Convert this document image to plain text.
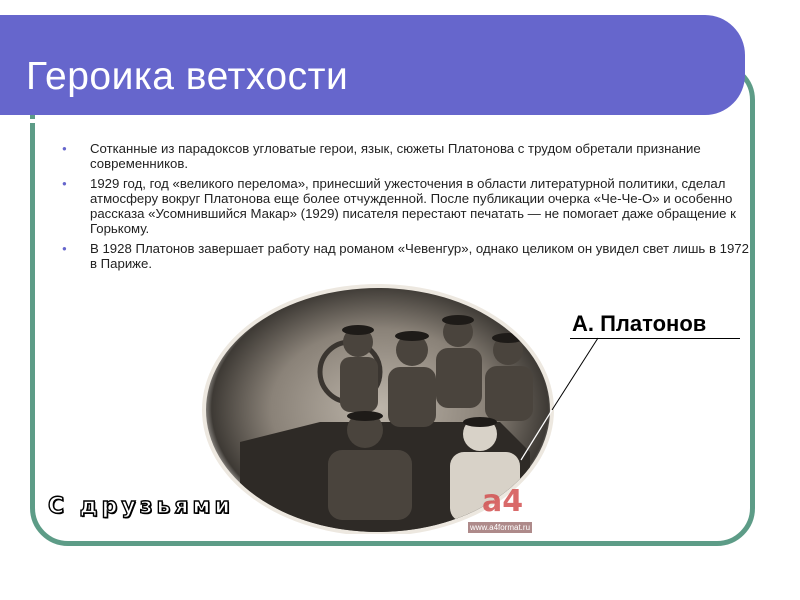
Героика ветхости
● Сотканные из парадоксов угловатые герои, язык, сюжеты Платонова с трудом обретали признание современников.
● 1929 год, год «великого перелома», принесший ужесточения в области литературной политики, сделал атмосферу вокруг Платонова еще более отчужденной. После публикации очерка «Че-Че-О» и особенно рассказа «Усомнившийся Макар» (1929) писателя перестают печатать — не помогает даже обращение к Горькому.
● В 1928 Платонов завершает работу над романом «Чевенгур», однако целиком он увидел свет лишь в 1972 в Париже.
А. Платонов
С друзьями	a4
www.a4format.ru
